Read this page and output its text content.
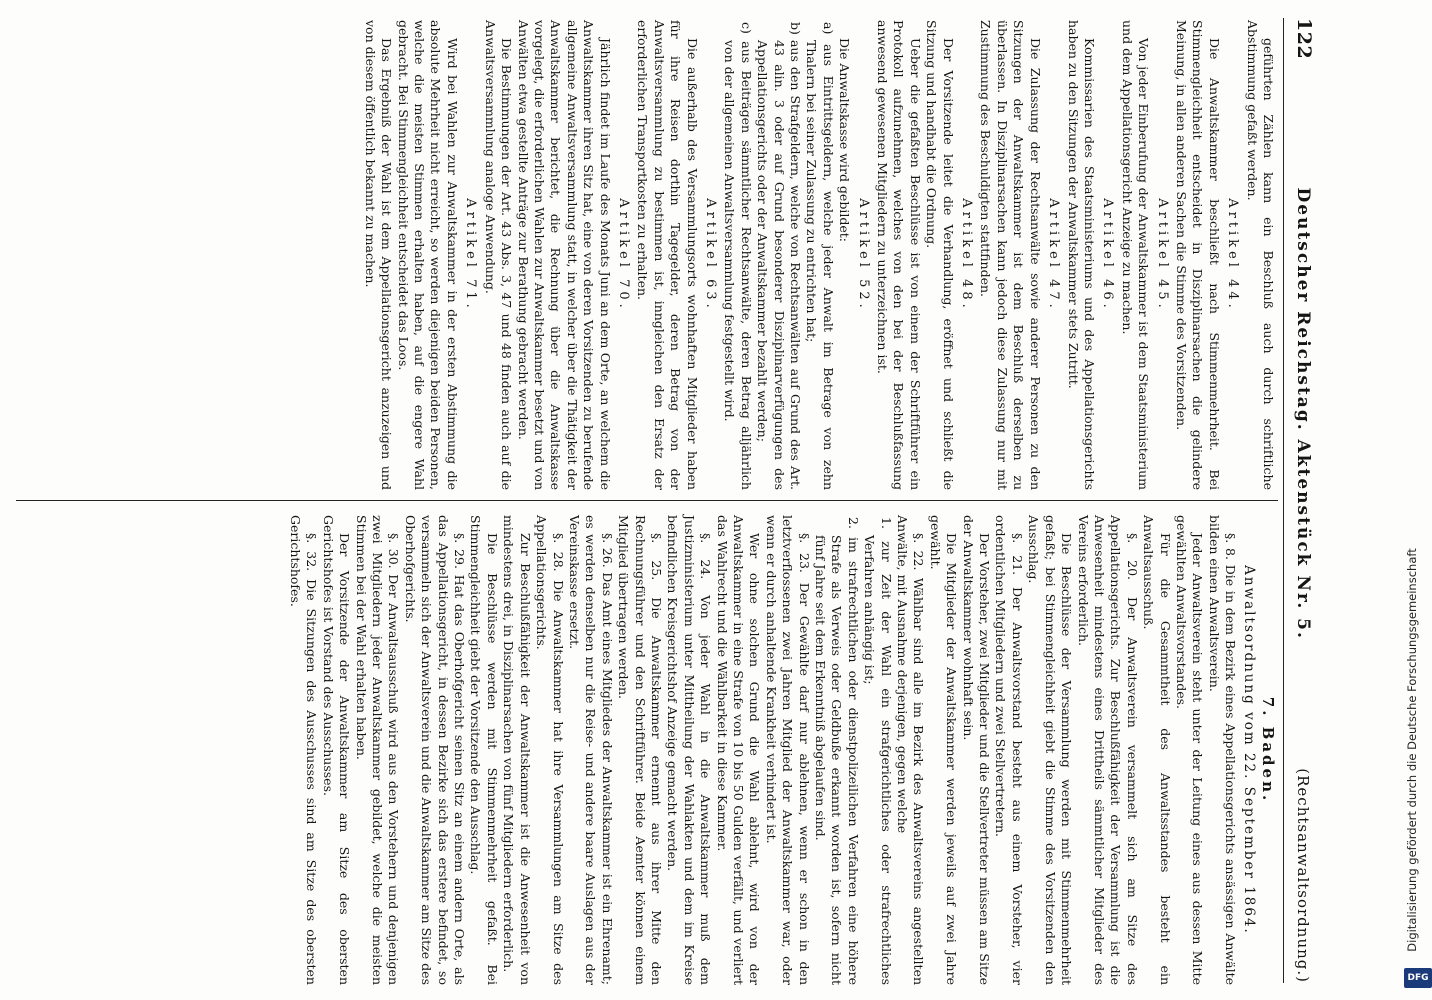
122
Deutscher Reichstag. Aktenstück Nr. 5.
(Rechtsanwaltsordnung.)

geführten Zählen kann ein Beschluß auch durch schriftliche Abstimmung gefaßt werden.

Artikel 44.

Die Anwaltskammer beschließt nach Stimmenmehrheit. Bei Stimmengleichheit entscheidet in Disziplinarsachen die gelindere Meinung, in allen anderen Sachen die Stimme des Vorsitzenden.

Artikel 45.

Von jeder Einberufung der Anwaltskammer ist dem Staatsministerium und dem Appellationsgericht Anzeige zu machen.

Artikel 46.

Kommissarien des Staatsministeriums und des Appellationsgerichts haben zu den Sitzungen der Anwaltskammer stets Zutritt.

Artikel 47.

Die Zulassung der Rechtsanwälte sowie anderer Personen zu den Sitzungen der Anwaltskammer ist dem Beschluß derselben zu überlassen. In Disziplinarsachen kann jedoch diese Zulassung nur mit Zustimmung des Beschuldigten stattfinden.

Artikel 48.

Der Vorsitzende leitet die Verhandlung, eröffnet und schließt die Sitzung und handhabt die Ordnung.

Ueber die gefaßten Beschlüsse ist von einem der Schriftführer ein Protokoll aufzunehmen, welches von den bei der Beschlußfassung anwesend gewesenen Mitgliedern zu unterzeichnen ist.

Artikel 52.

Die Anwaltskasse wird gebildet:

a) aus Eintrittsgeldern, welche jeder Anwalt im Betrage von zehn Thalern bei seiner Zulassung zu entrichten hat;

b) aus den Strafgeldern, welche von Rechtsanwälten auf Grund des Art. 43 alin. 3 oder auf Grund besonderer Disziplinarverfügungen des Appellationsgerichts oder der Anwaltskammer bezahlt werden;

c) aus Beiträgen sämmtlicher Rechtsanwälte, deren Betrag alljährlich von der allgemeinen Anwaltsversammlung festgestellt wird.

Artikel 63.

Die außerhalb des Versammlungsorts wohnhaften Mitglieder haben für ihre Reisen dorthin Tagegelder, deren Betrag von der Anwaltsversammlung zu bestimmen ist, inngleichen den Ersatz der erforderlichen Transportkosten zu erhalten.

Artikel 70.

Jährlich findet im Laufe des Monats Juni an dem Orte, an welchem die Anwaltskammer ihren Sitz hat, eine von deren Vorsitzenden zu berufende allgemeine Anwaltsversammlung statt, in welcher über die Thätigkeit der Anwaltskammer berichtet, die Rechnung über die Anwaltskasse vorgelegt, die erforderlichen Wahlen zur Anwaltskammer besetzt und von Anwälten etwa gestellte Anträge zur Berathung gebracht werden.

Die Bestimmungen der Art. 43 Abs. 3, 47 und 48 finden auch auf die Anwaltsversammlung analoge Anwendung.

Artikel 71.

Wird bei Wahlen zur Anwaltskammer in der ersten Abstimmung die absolute Mehrheit nicht erreicht, so werden diejenigen beiden Personen, welche die meisten Stimmen erhalten haben, auf die engere Wahl gebracht. Bei Stimmengleichheit entscheidet das Loos.

Das Ergebniß der Wahl ist dem Appellationsgericht anzuzeigen und von diesem öffentlich bekannt zu machen.

7. Baden.

Anwaltsordnung vom 22. September 1864.

§. 8. Die in dem Bezirk eines Appellationsgerichts ansässigen Anwälte bilden einen Anwaltsverein.

Jeder Anwaltsverein steht unter der Leitung eines aus dessen Mitte gewählten Anwaltsvorstandes.

Für die Gesammtheit des Anwaltsstandes besteht ein Anwaltsausschuß.

§. 20. Der Anwaltsverein versammelt sich am Sitze des Appellationsgerichts. Zur Beschlußfähigkeit der Versammlung ist die Anwesenheit mindestens eines Drittheils sämmtlicher Mitglieder des Vereins erforderlich.

Die Beschlüsse der Versammlung werden mit Stimmenmehrheit gefaßt; bei Stimmengleichheit giebt die Stimme des Vorsitzenden den Ausschlag.

§. 21. Der Anwaltsvorstand besteht aus einem Vorsteher, vier ordentlichen Mitgliedern und zwei Stellvertretern.

Der Vorsteher, zwei Mitglieder und die Stellvertreter müssen am Sitze der Anwaltskammer wohnhaft sein.

Die Mitglieder der Anwaltskammer werden jeweils auf zwei Jahre gewählt.

§. 22. Wählbar sind alle im Bezirk des Anwaltsvereins angestellten Anwälte, mit Ausnahme derjenigen, gegen welche

1. zur Zeit der Wahl ein strafgerichtliches oder strafrechtliches Verfahren anhängig ist;

2. im strafrechtlichen oder dienstpolizeilichen Verfahren eine höhere Strafe als Verweis oder Geldbuße erkannt worden ist, sofern nicht fünf Jahre seit dem Erkenntniß abgelaufen sind.

§. 23. Der Gewählte darf nur ablehnen, wenn er schon in den letztverflossenen zwei Jahren Mitglied der Anwaltskammer war, oder wenn er durch anhaltende Krankheit verhindert ist.

Wer ohne solchen Grund die Wahl ablehnt, wird von der Anwaltskammer in eine Strafe von 10 bis 50 Gulden verfällt, und verliert das Wahlrecht und die Wählbarkeit in diese Kammer.

§. 24. Von jeder Wahl in die Anwaltskammer muß dem Justizministerium unter Mittheilung der Wahlakten und dem im Kreise befindlichen Kreisgerichtshof Anzeige gemacht werden.

§. 25. Die Anwaltskammer ernennt aus ihrer Mitte den Rechnungsführer und den Schriftführer. Beide Aemter können einem Mitglied übertragen werden.

§. 26. Das Amt eines Mitgliedes der Anwaltskammer ist ein Ehrenamt; es werden denselben nur die Reise- und andere baare Auslagen aus der Vereinskasse ersetzt.

§. 28. Die Anwaltskammer hat ihre Versammlungen am Sitze des Appellationsgerichts.

Zur Beschlußfähigkeit der Anwaltskammer ist die Anwesenheit von mindestens drei, in Disziplinarsachen von fünf Mitgliedern erforderlich.

Die Beschlüsse werden mit Stimmenmehrheit gefaßt. Bei Stimmengleichheit giebt der Vorsitzende den Ausschlag.

§. 29. Hat das Oberhofgericht seinen Sitz an einem andern Orte, als das Appellationsgericht, in dessen Bezirke sich das erstere befindet, so versammeln sich der Anwaltsverein und die Anwaltskammer am Sitze des Oberhofgerichts.

§. 30. Der Anwaltsausschuß wird aus den Vorstehern und denjenigen zwei Mitgliedern jeder Anwaltskammer gebildet, welche die meisten Stimmen bei der Wahl erhalten haben.

Der Vorsitzende der Anwaltskammer am Sitze des obersten Gerichtshofes ist Vorstand des Ausschusses.

§. 32. Die Sitzungen des Ausschusses sind am Sitze des obersten Gerichtshofes.	Digitalisierung gefördert durch die Deutsche Forschungsgemeinschaft
DFG
